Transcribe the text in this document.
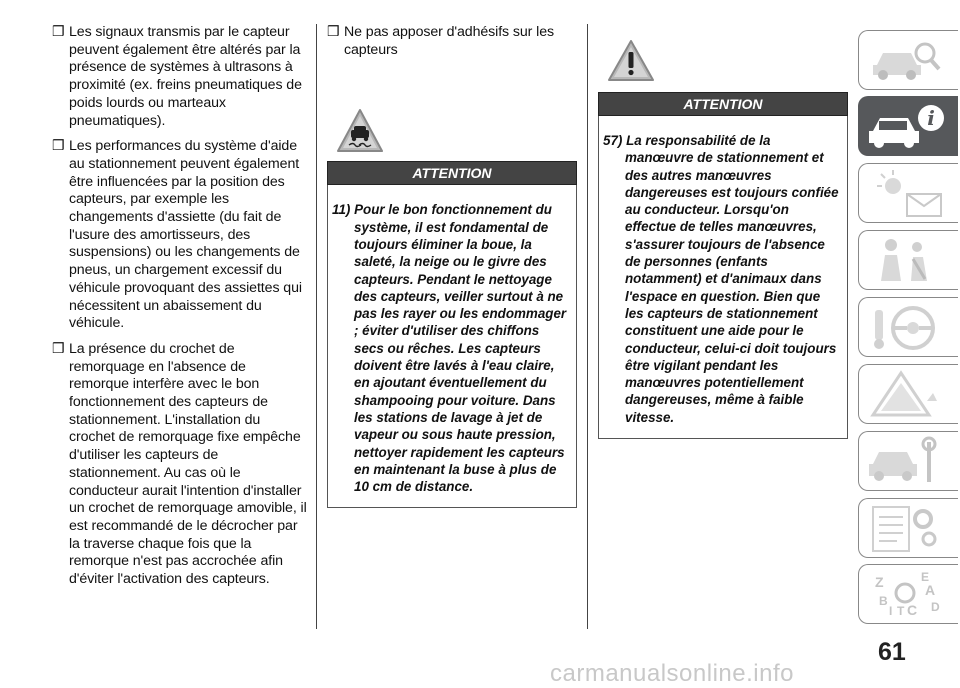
❒ Les signaux transmis par le capteur peuvent également être altérés par la présence de systèmes à ultrasons à proximité (ex. freins pneumatiques de poids lourds ou marteaux pneumatiques).

❒ Les performances du système d'aide au stationnement peuvent également être influencées par la position des capteurs, par exemple les changements d'assiette (du fait de l'usure des amortisseurs, des suspensions) ou les changements de pneus, un chargement excessif du véhicule provoquant des assiettes qui nécessitent un abaissement du véhicule.

❒ La présence du crochet de remorquage en l'absence de remorque interfère avec le bon fonctionnement des capteurs de stationnement. L'installation du crochet de remorquage fixe empêche d'utiliser les capteurs de stationnement. Au cas où le conducteur aurait l'intention d'installer un crochet de remorquage amovible, il est recommandé de le décrocher par la traverse chaque fois que la remorque n'est pas accrochée afin d'éviter l'activation des capteurs.

❒ Ne pas apposer d'adhésifs sur les capteurs

ATTENTION

11) Pour le bon fonctionnement du système, il est fondamental de toujours éliminer la boue, la saleté, la neige ou le givre des capteurs. Pendant le nettoyage des capteurs, veiller surtout à ne pas les rayer ou les endommager ; éviter d'utiliser des chiffons secs ou rêches. Les capteurs doivent être lavés à l'eau claire, en ajoutant éventuellement du shampooing pour voiture. Dans les stations de lavage à jet de vapeur ou sous haute pression, nettoyer rapidement les capteurs en maintenant la buse à plus de 10 cm de distance.

ATTENTION

57) La responsabilité de la manœuvre de stationnement et des autres manœuvres dangereuses est toujours confiée au conducteur. Lorsqu'on effectue de telles manœuvres, s'assurer toujours de l'absence de personnes (enfants notamment) et d'animaux dans l'espace en question. Bien que les capteurs de stationnement constituent une aide pour le conducteur, celui-ci doit toujours être vigilant pendant les manœuvres potentiellement dangereuses, même à faible vitesse.

i
Z	E
A
D
B
C
T
I
61
carmanualsonline.info
